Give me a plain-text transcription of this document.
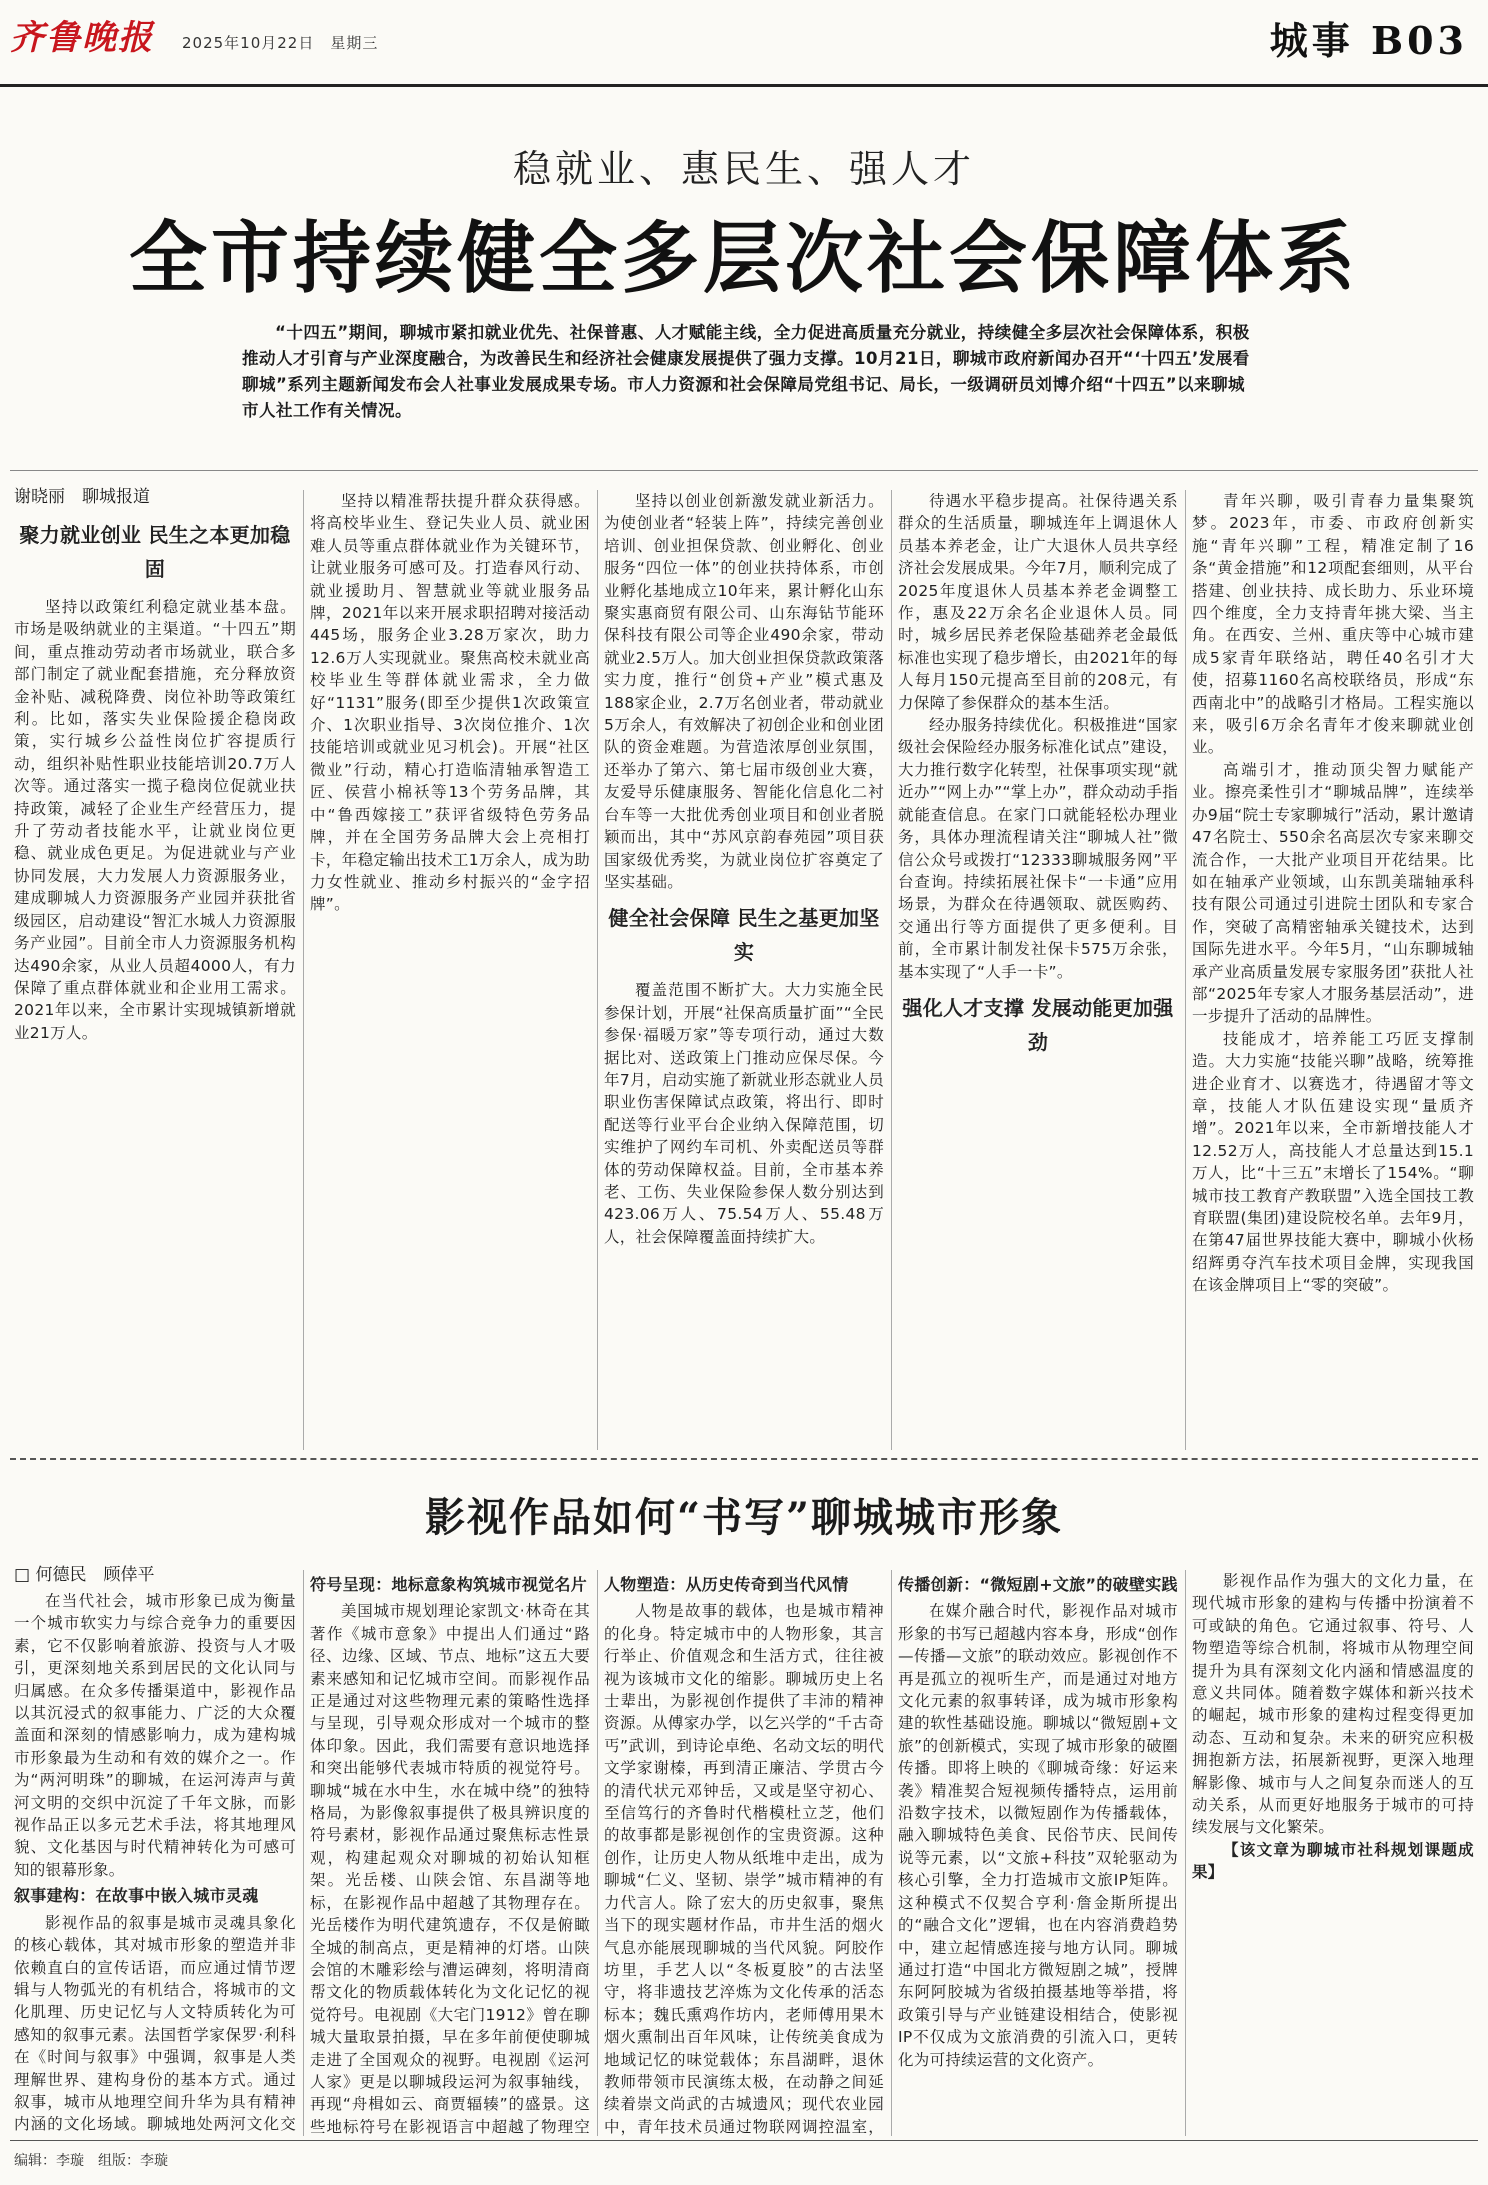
齐鲁晚报 2025年10月22日　 星期三	城事 B03
稳就业、惠民生、强人才
全市持续健全多层次社会保障体系
“十四五”期间，聊城市紧扣就业优先、社保普惠、人才赋能主线，全力促进高质量充分就业，持续健全多层次社会保障体系，积极推动人才引育与产业深度融合，为改善民生和经济社会健康发展提供了强力支撑。10月21日，聊城市政府新闻办召开“‘十四五’发展看聊城”系列主题新闻发布会人社事业发展成果专场。市人力资源和社会保障局党组书记、局长，一级调研员刘博介绍“十四五”以来聊城市人社工作有关情况。
谢晓丽　聊城报道
聚力就业创业 民生之本更加稳固

坚持以政策红利稳定就业基本盘。市场是吸纳就业的主渠道。“十四五”期间，重点推动劳动者市场就业，联合多部门制定了就业配套措施，充分释放资金补贴、减税降费、岗位补助等政策红利。比如，落实失业保险援企稳岗政策，实行城乡公益性岗位扩容提质行动，组织补贴性职业技能培训20.7万人次等。通过落实一揽子稳岗位促就业扶持政策，减轻了企业生产经营压力，提升了劳动者技能水平，让就业岗位更稳、就业成色更足。为促进就业与产业协同发展，大力发展人力资源服务业，建成聊城人力资源服务产业园并获批省级园区，启动建设“智汇水城人力资源服务产业园”。目前全市人力资源服务机构达490余家，从业人员超4000人，有力保障了重点群体就业和企业用工需求。2021年以来，全市累计实现城镇新增就业21万人。

坚持以精准帮扶提升群众获得感。将高校毕业生、登记失业人员、就业困难人员等重点群体就业作为关键环节，让就业服务可感可及。打造春风行动、就业援助月、智慧就业等就业服务品牌，2021年以来开展求职招聘对接活动445场，服务企业3.28万家次，助力12.6万人实现就业。聚焦高校未就业高校毕业生等群体就业需求，全力做好“1131”服务(即至少提供1次政策宣介、1次职业指导、3次岗位推介、1次技能培训或就业见习机会)。开展“社区微业”行动，精心打造临清轴承智造工匠、侯营小棉袄等13个劳务品牌，其中“鲁西嫁接工”获评省级特色劳务品牌，并在全国劳务品牌大会上亮相打卡，年稳定输出技术工1万余人，成为助力女性就业、推动乡村振兴的“金字招牌”。

坚持以创业创新激发就业新活力。为使创业者“轻装上阵”，持续完善创业培训、创业担保贷款、创业孵化、创业服务“四位一体”的创业扶持体系，市创业孵化基地成立10年来，累计孵化山东聚实惠商贸有限公司、山东海钻节能环保科技有限公司等企业490余家，带动就业2.5万人。加大创业担保贷款政策落实力度，推行“创贷+产业”模式惠及188家企业，2.7万名创业者，带动就业5万余人，有效解决了初创企业和创业团队的资金难题。为营造浓厚创业氛围，还举办了第六、第七届市级创业大赛，友爱导乐健康服务、智能化信息化二衬台车等一大批优秀创业项目和创业者脱颖而出，其中“苏风京韵春苑园”项目获国家级优秀奖，为就业岗位扩容奠定了坚实基础。

健全社会保障 民生之基更加坚实

覆盖范围不断扩大。大力实施全民参保计划，开展“社保高质量扩面”“全民参保·福暖万家”等专项行动，通过大数据比对、送政策上门推动应保尽保。今年7月，启动实施了新就业形态就业人员职业伤害保障试点政策，将出行、即时配送等行业平台企业纳入保障范围，切实维护了网约车司机、外卖配送员等群体的劳动保障权益。目前，全市基本养老、工伤、失业保险参保人数分别达到423.06万人、75.54万人、55.48万人，社会保障覆盖面持续扩大。

待遇水平稳步提高。社保待遇关系群众的生活质量，聊城连年上调退休人员基本养老金，让广大退休人员共享经济社会发展成果。今年7月，顺利完成了2025年度退休人员基本养老金调整工作，惠及22万余名企业退休人员。同时，城乡居民养老保险基础养老金最低标准也实现了稳步增长，由2021年的每人每月150元提高至目前的208元，有力保障了参保群众的基本生活。

经办服务持续优化。积极推进“国家级社会保险经办服务标准化试点”建设，大力推行数字化转型，社保事项实现“就近办”“网上办”“掌上办”，群众动动手指就能查信息。在家门口就能轻松办理业务，具体办理流程请关注“聊城人社”微信公众号或拨打“12333聊城服务网”平台查询。持续拓展社保卡“一卡通”应用场景，为群众在待遇领取、就医购药、交通出行等方面提供了更多便利。目前，全市累计制发社保卡575万余张，基本实现了“人手一卡”。

强化人才支撑 发展动能更加强劲

青年兴聊，吸引青春力量集聚筑梦。2023年，市委、市政府创新实施“青年兴聊”工程，精准定制了16条“黄金措施”和12项配套细则，从平台搭建、创业扶持、成长助力、乐业环境四个维度，全力支持青年挑大梁、当主角。在西安、兰州、重庆等中心城市建成5家青年联络站，聘任40名引才大使，招募1160名高校联络员，形成“东西南北中”的战略引才格局。工程实施以来，吸引6万余名青年才俊来聊就业创业。

高端引才，推动顶尖智力赋能产业。擦亮柔性引才“聊城品牌”，连续举办9届“院士专家聊城行”活动，累计邀请47名院士、550余名高层次专家来聊交流合作，一大批产业项目开花结果。比如在轴承产业领域，山东凯美瑞轴承科技有限公司通过引进院士团队和专家合作，突破了高精密轴承关键技术，达到国际先进水平。今年5月，“山东聊城轴承产业高质量发展专家服务团”获批人社部“2025年专家人才服务基层活动”，进一步提升了活动的品牌性。

技能成才，培养能工巧匠支撑制造。大力实施“技能兴聊”战略，统筹推进企业育才、以赛选才，待遇留才等文章，技能人才队伍建设实现“量质齐增”。2021年以来，全市新增技能人才12.52万人，高技能人才总量达到15.1万人，比“十三五”末增长了154%。“聊城市技工教育产教联盟”入选全国技工教育联盟(集团)建设院校名单。去年9月，在第47届世界技能大赛中，聊城小伙杨绍辉勇夺汽车技术项目金牌，实现我国在该金牌项目上“零的突破”。

影视作品如何“书写”聊城城市形象
□ 何德民　顾倖平

在当代社会，城市形象已成为衡量一个城市软实力与综合竞争力的重要因素，它不仅影响着旅游、投资与人才吸引，更深刻地关系到居民的文化认同与归属感。在众多传播渠道中，影视作品以其沉浸式的叙事能力、广泛的大众覆盖面和深刻的情感影响力，成为建构城市形象最为生动和有效的媒介之一。作为“两河明珠”的聊城，在运河涛声与黄河文明的交织中沉淀了千年文脉，而影视作品正以多元艺术手法，将其地理风貌、文化基因与时代精神转化为可感可知的银幕形象。

叙事建构：在故事中嵌入城市灵魂

影视作品的叙事是城市灵魂具象化的核心载体，其对城市形象的塑造并非依赖直白的宣传话语，而应通过情节逻辑与人物弧光的有机结合，将城市的文化肌理、历史记忆与人文特质转化为可感知的叙事元素。法国哲学家保罗·利科在《时间与叙事》中强调，叙事是人类理解世界、建构身份的基本方式。通过叙事，城市从地理空间升华为具有精神内涵的文化场域。聊城地处两河文化交

符号呈现：地标意象构筑城市视觉名片

美国城市规划理论家凯文·林奇在其著作《城市意象》中提出人们通过“路径、边缘、区域、节点、地标”这五大要素来感知和记忆城市空间。而影视作品正是通过对这些物理元素的策略性选择与呈现，引导观众形成对一个城市的整体印象。因此，我们需要有意识地选择和突出能够代表城市特质的视觉符号。聊城“城在水中生，水在城中绕”的独特格局，为影像叙事提供了极具辨识度的符号素材，影视作品通过聚焦标志性景观，构建起观众对聊城的初始认知框架。光岳楼、山陕会馆、东昌湖等地标，在影视作品中超越了其物理存在。光岳楼作为明代建筑遗存，不仅是俯瞰全城的制高点，更是精神的灯塔。山陕会馆的木雕彩绘与漕运碑刻，将明清商帮文化的物质载体转化为文化记忆的视觉符号。电视剧《大宅门1912》曾在聊城大量取景拍摄，早在多年前便使聊城走进了全国观众的视野。电视剧《运河人家》更是以聊城段运河为叙事轴线，再现“舟楫如云、商贾辐辏”的盛景。这些地标符号在影视语言中超越了物理空

人物塑造：从历史传奇到当代风情

人物是故事的载体，也是城市精神的化身。特定城市中的人物形象，其言行举止、价值观念和生活方式，往往被视为该城市文化的缩影。聊城历史上名士辈出，为影视创作提供了丰沛的精神资源。从傅家办学，以乞兴学的“千古奇丐”武训，到诗论卓绝、名动文坛的明代文学家谢榛，再到清正廉洁、学贯古今的清代状元邓钟岳，又或是坚守初心、至信笃行的齐鲁时代楷模杜立芝，他们的故事都是影视创作的宝贵资源。这种创作，让历史人物从纸堆中走出，成为聊城“仁义、坚韧、崇学”城市精神的有力代言人。除了宏大的历史叙事，聚焦当下的现实题材作品，市井生活的烟火气息亦能展现聊城的当代风貌。阿胶作坊里，手艺人以“冬板夏胶”的古法坚守，将非遗技艺淬炼为文化传承的活态标本；魏氏熏鸡作坊内，老师傅用果木烟火熏制出百年风味，让传统美食成为地域记忆的味觉载体；东昌湖畔，退休教师带领市民演练太极，在动静之间延续着崇文尚武的古城遗风；现代农业园中，青年技术员通过物联网调控温室，

传播创新：“微短剧+文旅”的破壁实践

在媒介融合时代，影视作品对城市形象的书写已超越内容本身，形成“创作—传播—文旅”的联动效应。影视创作不再是孤立的视听生产，而是通过对地方文化元素的叙事转译，成为城市形象构建的软性基础设施。聊城以“微短剧+文旅”的创新模式，实现了城市形象的破圈传播。即将上映的《聊城奇缘：好运来袭》精准契合短视频传播特点，运用前沿数字技术，以微短剧作为传播载体，融入聊城特色美食、民俗节庆、民间传说等元素，以“文旅+科技”双轮驱动为核心引擎，全力打造城市文旅IP矩阵。这种模式不仅契合亨利·詹金斯所提出的“融合文化”逻辑，也在内容消费趋势中，建立起情感连接与地方认同。聊城通过打造“中国北方微短剧之城”，授牌东阿阿胶城为省级拍摄基地等举措，将政策引导与产业链建设相结合，使影视IP不仅成为文旅消费的引流入口，更转化为可持续运营的文化资产。

影视作品作为强大的文化力量，在现代城市形象的建构与传播中扮演着不可或缺的角色。它通过叙事、符号、人物塑造等综合机制，将城市从物理空间提升为具有深刻文化内涵和情感温度的意义共同体。随着数字媒体和新兴技术的崛起，城市形象的建构过程变得更加动态、互动和复杂。未来的研究应积极拥抱新方法，拓展新视野，更深入地理解影像、城市与人之间复杂而迷人的互动关系，从而更好地服务于城市的可持续发展与文化繁荣。

【该文章为聊城市社科规划课题成果】

编辑：李璇　组版：李璇
